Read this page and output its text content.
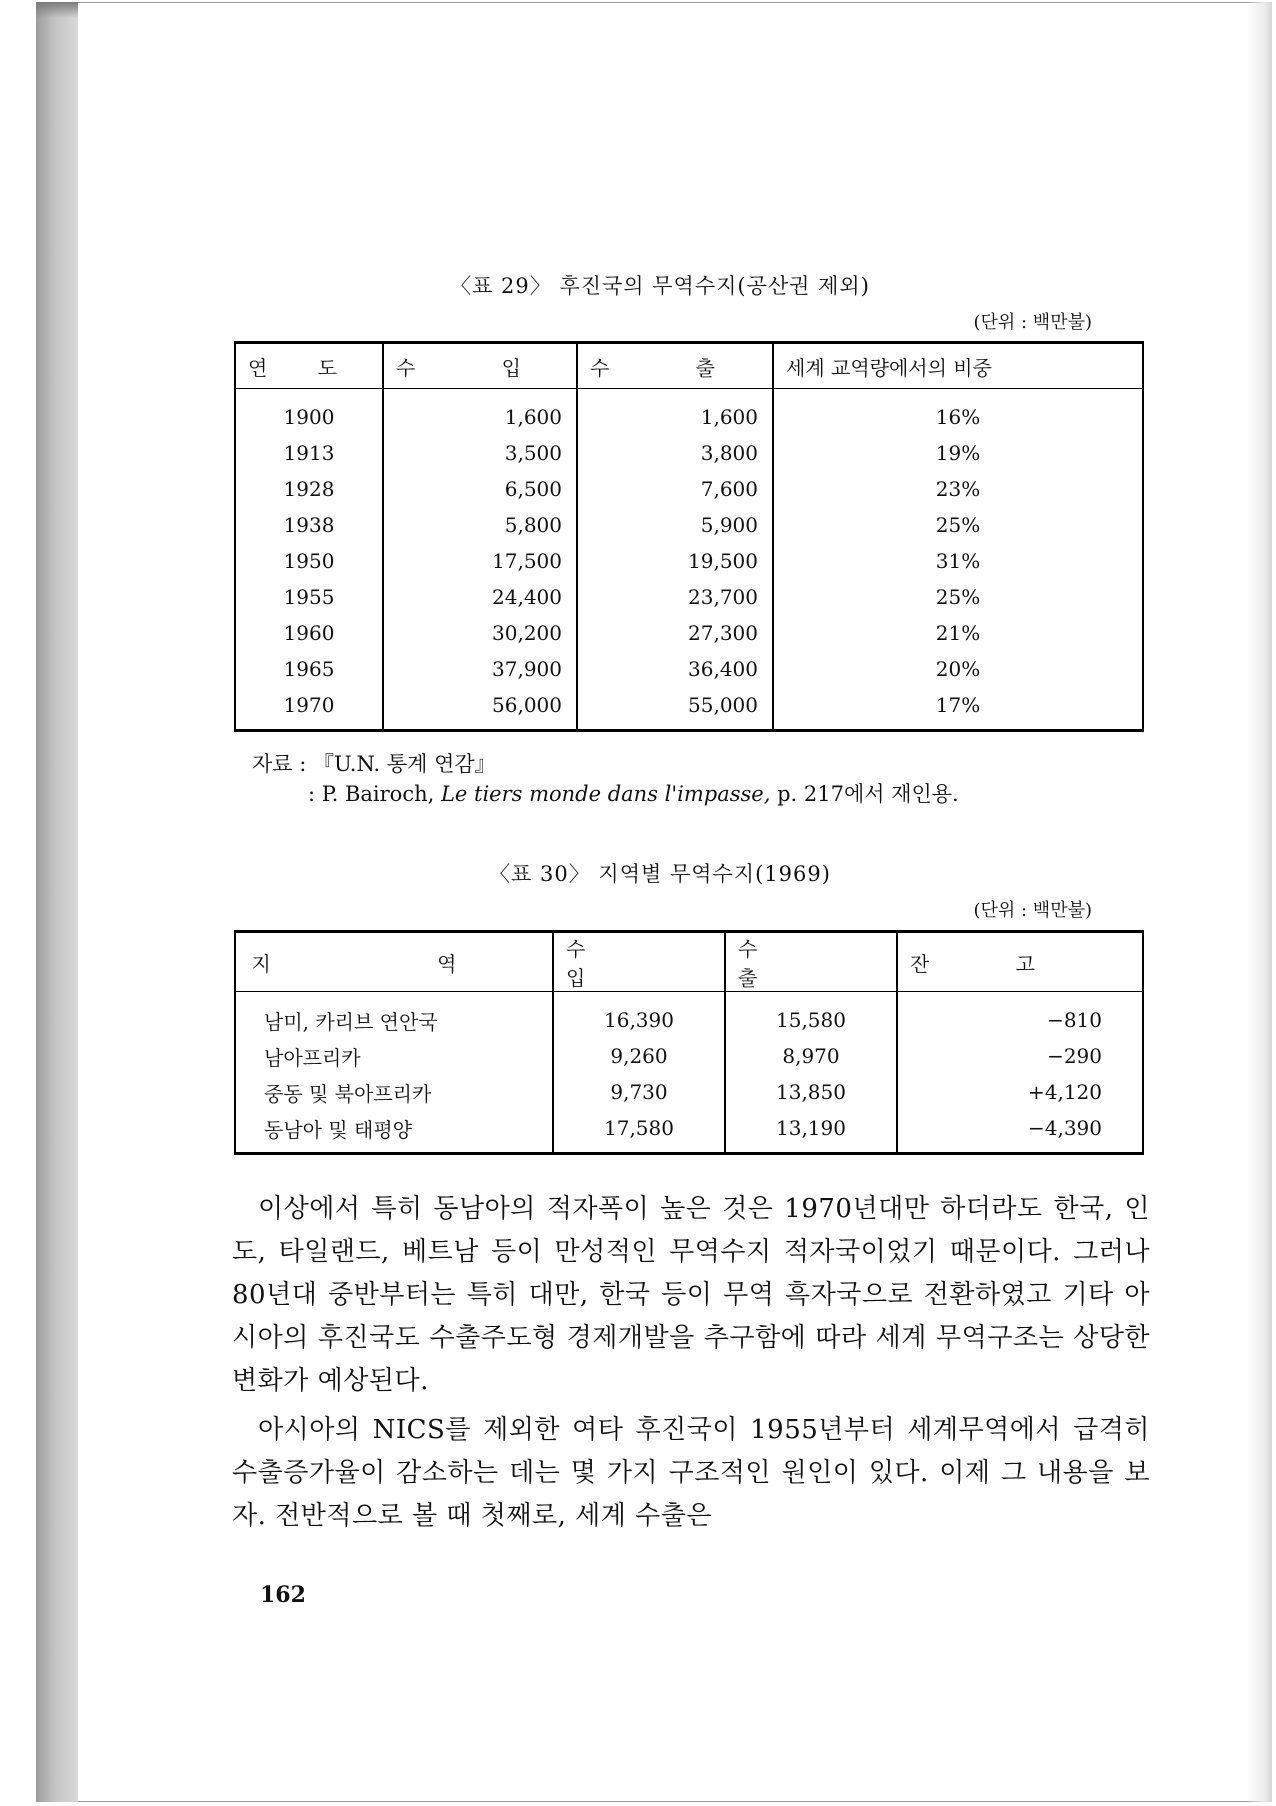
〈표 29〉 후진국의 무역수지(공산권 제외)
(단위 : 백만불)
연 도	수 입	수 출	세계 교역량에서의 비중
1900	1,600	1,600	16%
1913	3,500	3,800	19%
1928	6,500	7,600	23%
1938	5,800	5,900	25%
1950	17,500	19,500	31%
1955	24,400	23,700	25%
1960	30,200	27,300	21%
1965	37,900	36,400	20%
1970	56,000	55,000	17%
자료 : 『U.N. 통계 연감』
: P. Bairoch, Le tiers monde dans l'impasse, p. 217에서 재인용.
〈표 30〉 지역별 무역수지(1969)
(단위 : 백만불)
지 역	수 입	수 출	잔 고
남미, 카리브 연안국	16,390	15,580	−810
남아프리카	9,260	8,970	−290
중동 및 북아프리카	9,730	13,850	+4,120
동남아 및 태평양	17,580	13,190	−4,390

이상에서 특히 동남아의 적자폭이 높은 것은 1970년대만 하더라도 한국, 인도, 타일랜드, 베트남 등이 만성적인 무역수지 적자국이었기 때문이다. 그러나 80년대 중반부터는 특히 대만, 한국 등이 무역 흑자국으로 전환하였고 기타 아시아의 후진국도 수출주도형 경제개발을 추구함에 따라 세계 무역구조는 상당한 변화가 예상된다.

아시아의 NICS를 제외한 여타 후진국이 1955년부터 세계무역에서 급격히 수출증가율이 감소하는 데는 몇 가지 구조적인 원인이 있다. 이제 그 내용을 보자. 전반적으로 볼 때 첫째로, 세계 수출은

162
